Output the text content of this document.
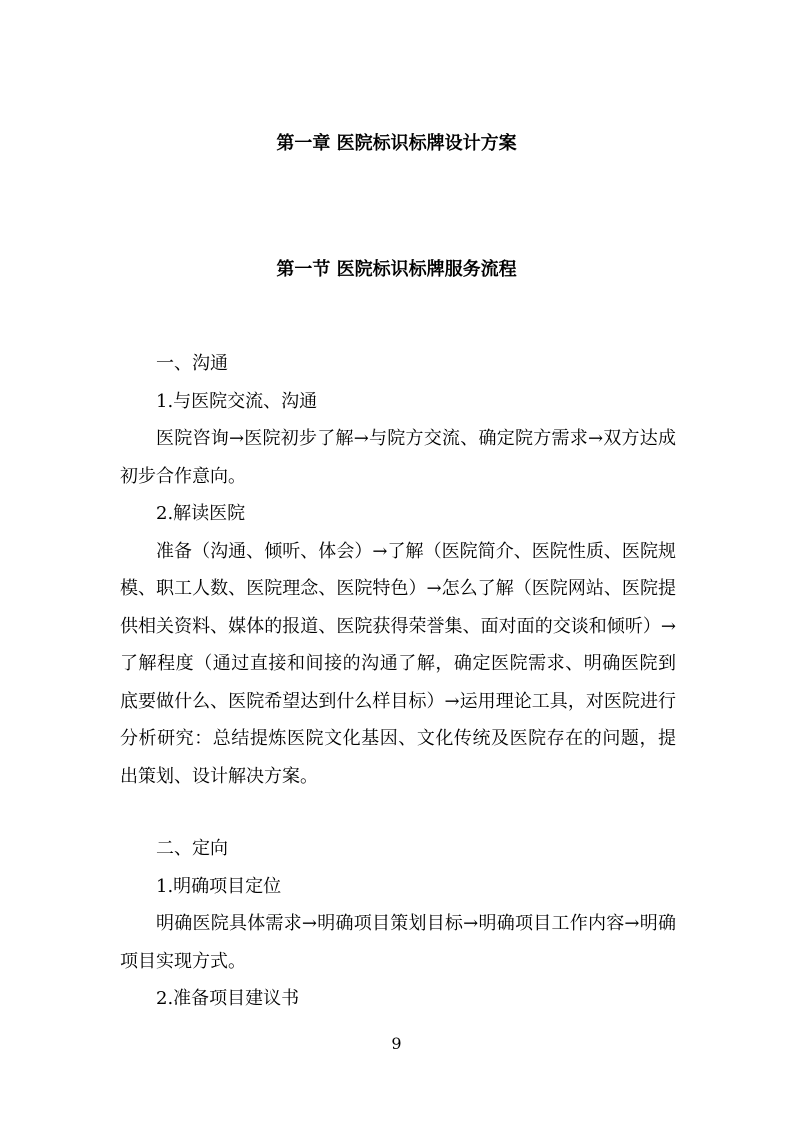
第一章 医院标识标牌设计方案
第一节 医院标识标牌服务流程

一、沟通

1.与医院交流、沟通

医院咨询→医院初步了解→与院方交流、确定院方需求→双方达成初步合作意向。

2.解读医院

准备（沟通、倾听、体会）→了解（医院简介、医院性质、医院规模、职工人数、医院理念、医院特色）→怎么了解（医院网站、医院提供相关资料、媒体的报道、医院获得荣誉集、面对面的交谈和倾听）→了解程度（通过直接和间接的沟通了解，确定医院需求、明确医院到底要做什么、医院希望达到什么样目标）→运用理论工具，对医院进行分析研究：总结提炼医院文化基因、文化传统及医院存在的问题，提出策划、设计解决方案。

二、定向

1.明确项目定位

明确医院具体需求→明确项目策划目标→明确项目工作内容→明确项目实现方式。

2.准备项目建议书

9
